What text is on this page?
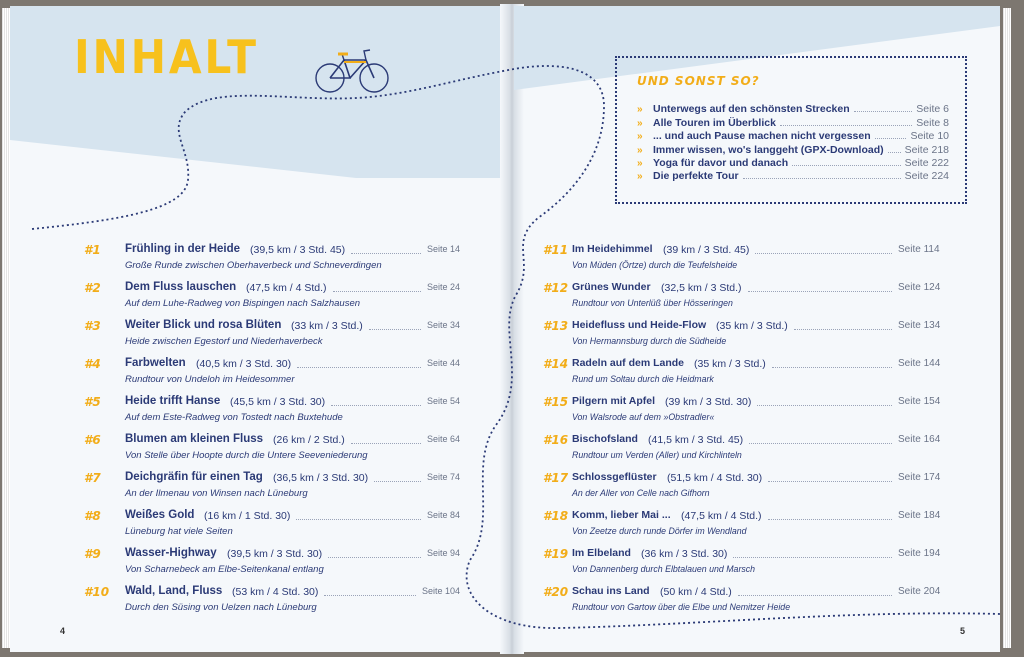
INHALT	UND SONST SO?
» Unterwegs auf den schönsten Strecken	Seite 6
» Alle Touren im Überblick	Seite 8
» ... und auch Pause machen nicht vergessen	Seite 10
» Immer wissen, wo's langgeht (GPX-Download) Seite 218
» Yoga für davor und danach	Seite 222
» Die perfekte Tour	Seite 224
#1 Frühling in der Heide (39,5 km / 3 Std. 45)	Seite 14
Große Runde zwischen Oberhaverbeck und Schneverdingen
#2 Dem Fluss lauschen (47,5 km / 4 Std.)	Seite 24
Auf dem Luhe-Radweg von Bispingen nach Salzhausen
#3 Weiter Blick und rosa Blüten (33 km / 3 Std.)	Seite 34
Heide zwischen Egestorf und Niederhaverbeck
#4 Farbwelten (40,5 km / 3 Std. 30)	Seite 44
Rundtour von Undeloh im Heidesommer
#5 Heide trifft Hanse (45,5 km / 3 Std. 30)	Seite 54
Auf dem Este-Radweg von Tostedt nach Buxtehude
#6 Blumen am kleinen Fluss (26 km / 2 Std.)	Seite 64
Von Stelle über Hoopte durch die Untere Seeveniederung
#7 Deichgräfin für einen Tag (36,5 km / 3 Std. 30)	Seite 74
An der Ilmenau von Winsen nach Lüneburg
#8 Weißes Gold (16 km / 1 Std. 30)	Seite 84
Lüneburg hat viele Seiten
#9 Wasser-Highway (39,5 km / 3 Std. 30)	Seite 94
Von Scharnebeck am Elbe-Seitenkanal entlang
#10 Wald, Land, Fluss (53 km / 4 Std. 30)	Seite 104
Durch den Süsing von Uelzen nach Lüneburg
#11 Im Heidehimmel (39 km / 3 Std. 45)	Seite 114
Von Müden (Örtze) durch die Teufelsheide
#12 Grünes Wunder (32,5 km / 3 Std.)	Seite 124
Rundtour von Unterlüß über Hösseringen
#13 Heidefluss und Heide-Flow (35 km / 3 Std.)	Seite 134
Von Hermannsburg durch die Südheide
#14 Radeln auf dem Lande (35 km / 3 Std.)	Seite 144
Rund um Soltau durch die Heidmark
#15 Pilgern mit Apfel (39 km / 3 Std. 30)	Seite 154
Von Walsrode auf dem »Obstradler«
#16 Bischofsland (41,5 km / 3 Std. 45)	Seite 164
Rundtour um Verden (Aller) und Kirchlinteln
#17 Schlossgeflüster (51,5 km / 4 Std. 30)	Seite 174
An der Aller von Celle nach Gifhorn
#18 Komm, lieber Mai ... (47,5 km / 4 Std.)	Seite 184
Von Zeetze durch runde Dörfer im Wendland
#19 Im Elbeland (36 km / 3 Std. 30)	Seite 194
Von Dannenberg durch Elbtalauen und Marsch
#20 Schau ins Land (50 km / 4 Std.)	Seite 204
Rundtour von Gartow über die Elbe und Nemitzer Heide
4	5
